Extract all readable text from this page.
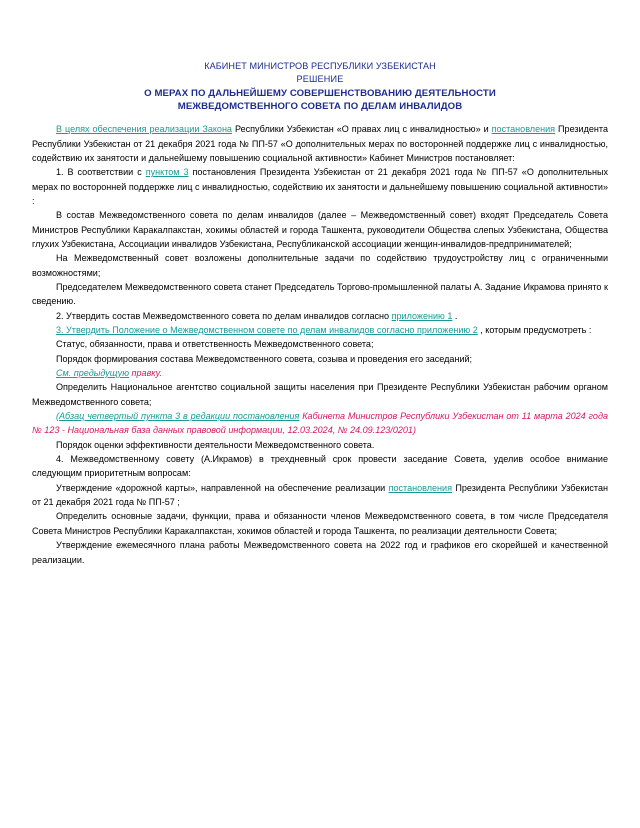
КАБИНЕТ МИНИСТРОВ РЕСПУБЛИКИ УЗБЕКИСТАН
РЕШЕНИЕ
О МЕРАХ ПО ДАЛЬНЕЙШЕМУ СОВЕРШЕНСТВОВАНИЮ ДЕЯТЕЛЬНОСТИ
МЕЖВЕДОМСТВЕННОГО СОВЕТА ПО ДЕЛАМ ИНВАЛИДОВ

В целях обеспечения реализации Закона Республики Узбекистан «О правах лиц с инвалидностью» и постановления Президента Республики Узбекистан от 21 декабря 2021 года № ПП-57 «О дополнительных мерах по восторонней поддержке лиц с инвалидностью, содействию их занятости и дальнейшему повышению социальной активности» Кабинет Министров постановляет:

1. В соответствии с пунктом 3 постановления Президента Узбекистан от 21 декабря 2021 года № ПП-57 «О дополнительных мерах по восторонней поддержке лиц с инвалидностью, содействию их занятости и дальнейшему повышению социальной активности» :

В состав Межведомственного совета по делам инвалидов (далее – Межведомственный совет) входят Председатель Совета Министров Республики Каракалпакстан, хокимы областей и города Ташкента, руководители Общества слепых Узбекистана, Общества глухих Узбекистана, Ассоциации инвалидов Узбекистана, Республиканской ассоциации женщин-инвалидов-предпринимателей;

На Межведомственный совет возложены дополнительные задачи по содействию трудоустройству лиц с ограниченными возможностями;

Председателем Межведомственного совета станет Председатель Торгово-промышленной палаты А. Задание Икрамова принято к сведению.

2. Утвердить состав Межведомственного совета по делам инвалидов согласно приложению 1 .

3. Утвердить Положение о Межведомственном совете по делам инвалидов согласно приложению 2 , которым предусмотреть :

Статус, обязанности, права и ответственность Межведомственного совета;

Порядок формирования состава Межведомственного совета, созыва и проведения его заседаний;

См. предыдущую правку.

Определить Национальное агентство социальной защиты населения при Президенте Республики Узбекистан рабочим органом Межведомственного совета;

(Абзац четвертый пункта 3 в редакции постановления Кабинета Министров Республики Узбекистан от 11 марта 2024 года № 123 - Национальная база данных правовой информации, 12.03.2024, № 24.09.123/0201)

Порядок оценки эффективности деятельности Межведомственного совета.

4. Межведомственному совету (А.Икрамов) в трехдневный срок провести заседание Совета, уделив особое внимание следующим приоритетным вопросам:

Утверждение «дорожной карты», направленной на обеспечение реализации постановления Президента Республики Узбекистан от 21 декабря 2021 года № ПП-57 ;

Определить основные задачи, функции, права и обязанности членов Межведомственного совета, в том числе Председателя Совета Министров Республики Каракалпакстан, хокимов областей и города Ташкента, по реализации деятельности Совета;

Утверждение ежемесячного плана работы Межведомственного совета на 2022 год и графиков его скорейшей и качественной реализации.
